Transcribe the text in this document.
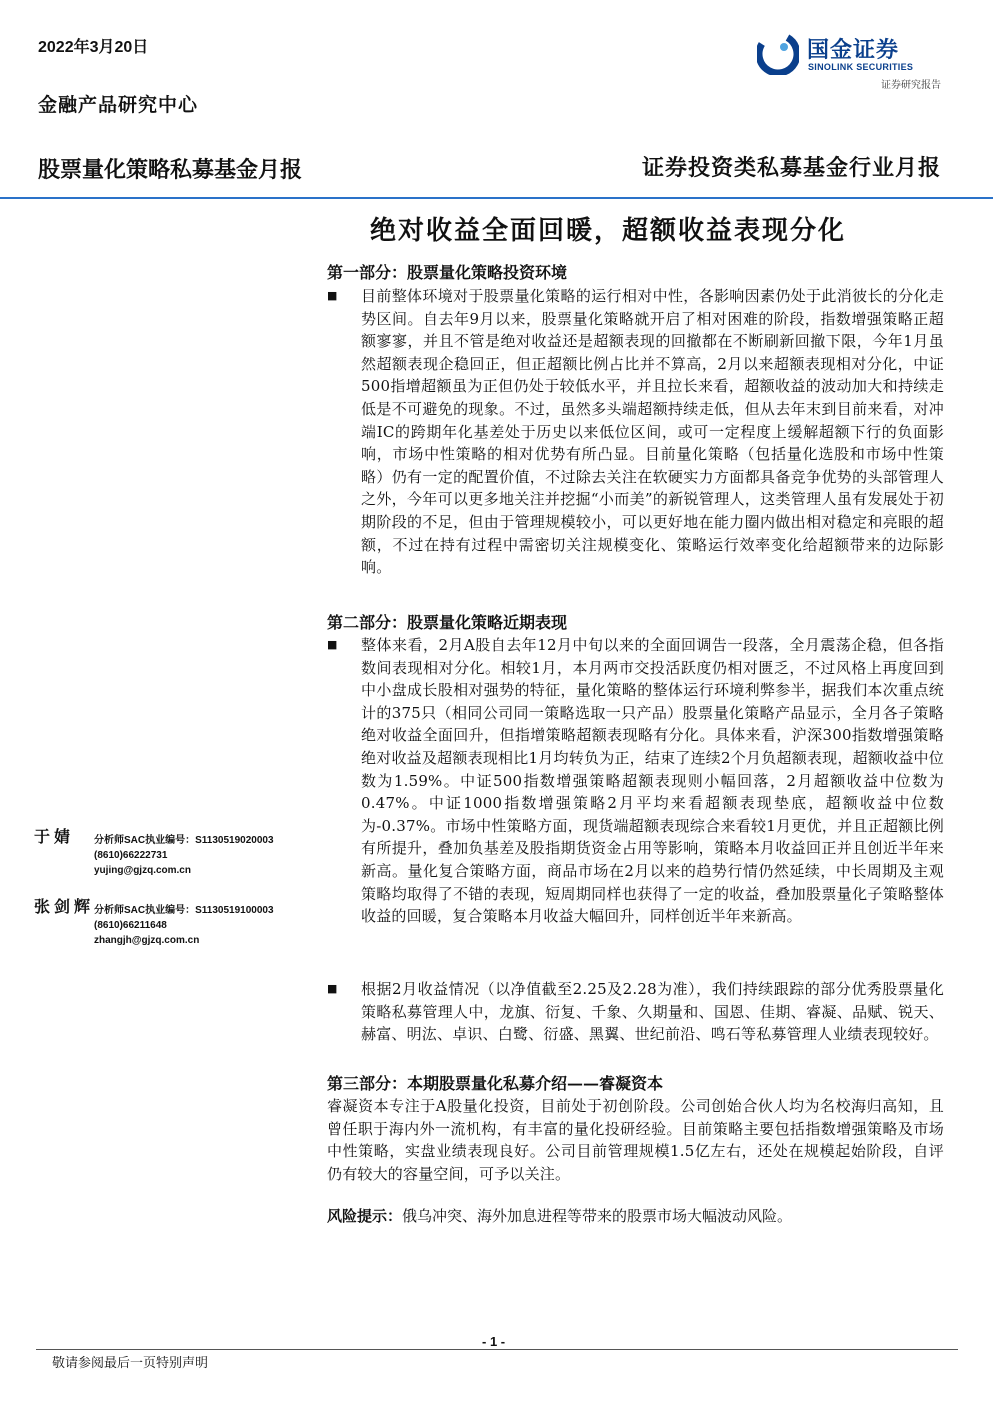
2022年3月20日
金融产品研究中心
国金证券
SINOLINK SECURITIES
证券研究报告
股票量化策略私募基金月报	证券投资类私募基金行业月报
绝对收益全面回暖，超额收益表现分化
第一部分：股票量化策略投资环境
■ 目前整体环境对于股票量化策略的运行相对中性，各影响因素仍处于此消彼长的分化走势区间。自去年9月以来，股票量化策略就开启了相对困难的阶段，指数增强策略正超额寥寥，并且不管是绝对收益还是超额表现的回撤都在不断刷新回撤下限，今年1月虽然超额表现企稳回正，但正超额比例占比并不算高，2月以来超额表现相对分化，中证500指增超额虽为正但仍处于较低水平，并且拉长来看，超额收益的波动加大和持续走低是不可避免的现象。不过，虽然多头端超额持续走低，但从去年末到目前来看，对冲端IC的跨期年化基差处于历史以来低位区间，或可一定程度上缓解超额下行的负面影响，市场中性策略的相对优势有所凸显。目前量化策略（包括量化选股和市场中性策略）仍有一定的配置价值，不过除去关注在软硬实力方面都具备竞争优势的头部管理人之外，今年可以更多地关注并挖掘“小而美”的新锐管理人，这类管理人虽有发展处于初期阶段的不足，但由于管理规模较小，可以更好地在能力圈内做出相对稳定和亮眼的超额，不过在持有过程中需密切关注规模变化、策略运行效率变化给超额带来的边际影响。
第二部分：股票量化策略近期表现
■ 整体来看，2月A股自去年12月中旬以来的全面回调告一段落，全月震荡企稳，但各指数间表现相对分化。相较1月，本月两市交投活跃度仍相对匮乏，不过风格上再度回到中小盘成长股相对强势的特征，量化策略的整体运行环境利弊参半，据我们本次重点统计的375只（相同公司同一策略选取一只产品）股票量化策略产品显示，全月各子策略绝对收益全面回升，但指增策略超额表现略有分化。具体来看，沪深300指数增强策略绝对收益及超额表现相比1月均转负为正，结束了连续2个月负超额表现，超额收益中位数为1.59%。中证500指数增强策略超额表现则小幅回落，2月超额收益中位数为0.47%。中证1000指数增强策略2月平均来看超额表现垫底，超额收益中位数为-0.37%。市场中性策略方面，现货端超额表现综合来看较1月更优，并且正超额比例有所提升，叠加负基差及股指期货资金占用等影响，策略本月收益回正并且创近半年来新高。量化复合策略方面，商品市场在2月以来的趋势行情仍然延续，中长周期及主观策略均取得了不错的表现，短周期同样也获得了一定的收益，叠加股票量化子策略整体收益的回暖，复合策略本月收益大幅回升，同样创近半年来新高。
■ 根据2月收益情况（以净值截至2.25及2.28为准），我们持续跟踪的部分优秀股票量化策略私募管理人中，龙旗、衍复、千象、久期量和、国恩、佳期、睿凝、品赋、锐天、赫富、明汯、卓识、白鹭、衍盛、黑翼、世纪前沿、鸣石等私募管理人业绩表现较好。
第三部分：本期股票量化私募介绍——睿凝资本
睿凝资本专注于A股量化投资，目前处于初创阶段。公司创始合伙人均为名校海归高知，且曾任职于海内外一流机构，有丰富的量化投研经验。目前策略主要包括指数增强策略及市场中性策略，实盘业绩表现良好。公司目前管理规模1.5亿左右，还处在规模起始阶段，自评仍有较大的容量空间，可予以关注。
风险提示：俄乌冲突、海外加息进程等带来的股票市场大幅波动风险。
于婧	分析师SAC执业编号：S1130519020003
(8610)66222731
yujing@gjzq.com.cn
张剑辉 分析师SAC执业编号：S1130519100003
(8610)66211648
zhangjh@gjzq.com.cn
- 1 -
敬请参阅最后一页特别声明
